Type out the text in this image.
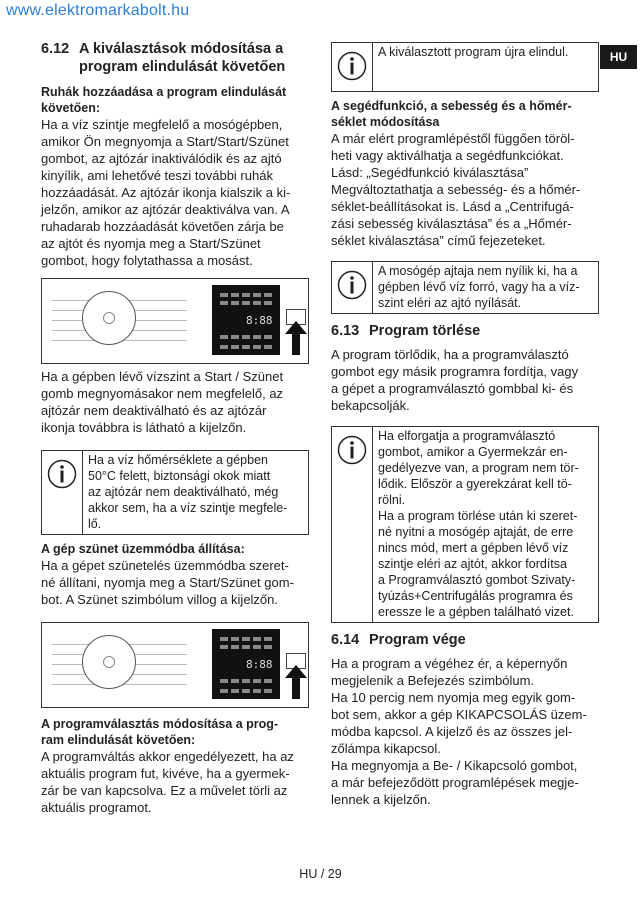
www.elektromarkabolt.hu
HU
6.12 A kiválasztások módosítása a
program elindulását követően
Ruhák hozzáadása a program elindulását
követően:

Ha a víz szintje megfelelő a mosógépben,
amikor Ön megnyomja a Start/Start/Szünet
gombot, az ajtózár inaktiválódik és az ajtó
kinyílik, ami lehetővé teszi további ruhák
hozzáadását. Az ajtózár ikonja kialszik a ki-
jelzőn, amikor az ajtózár deaktiválva van. A
ruhadarab hozzáadását követően zárja be
az ajtót és nyomja meg a Start/Szünet
gombot, hogy folytathassa a mosást.

8:88

Ha a gépben lévő vízszint a Start / Szünet
gomb megnyomásakor nem megfelelő, az
ajtózár nem deaktiválható és az ajtózár
ikonja továbbra is látható a kijelzőn.

Ha a víz hőmérséklete a gépben
50°C felett, biztonsági okok miatt
az ajtózár nem deaktiválható, még
akkor sem, ha a víz szintje megfele-
lő.
A gép szünet üzemmódba állítása:

Ha a gépet szünetelés üzemmódba szeret-
né állítani, nyomja meg a Start/Szünet gom-
bot. A Szünet szimbólum villog a kijelzőn.

8:88
A programválasztás módosítása a prog-
ram elindulását követően:

A programváltás akkor engedélyezett, ha az
aktuális program fut, kivéve, ha a gyermek-
zár be van kapcsolva. Ez a művelet törli az
aktuális programot.

A kiválasztott program újra elindul.
A segédfunkció, a sebesség és a hőmér-
séklet módosítása

A már elért programlépéstől függően töröl-
heti vagy aktiválhatja a segédfunkciókat.
Lásd: „Segédfunkció kiválasztása”
Megváltoztathatja a sebesség- és a hőmér-
séklet-beállításokat is. Lásd a „Centrifugá-
zási sebesség kiválasztása” és a „Hőmér-
séklet kiválasztása” című fejezeteket.

A mosógép ajtaja nem nyílik ki, ha a
gépben lévő víz forró, vagy ha a víz-
szint eléri az ajtó nyílását.
6.13 Program törlése

A program törlődik, ha a programválasztó
gombot egy másik programra fordítja, vagy
a gépet a programválasztó gombbal ki- és
bekapcsolják.

Ha elforgatja a programválasztó
gombot, amikor a Gyermekzár en-
gedélyezve van, a program nem tör-
lődik. Először a gyerekzárat kell tö-
rölni.
Ha a program törlése után ki szeret-
né nyitni a mosógép ajtaját, de erre
nincs mód, mert a gépben lévő víz
szintje eléri az ajtót, akkor fordítsa
a Programválasztó gombot Szivaty-
tyúzás+Centrifugálás programra és
eressze le a gépben található vizet.
6.14 Program vége

Ha a program a végéhez ér, a képernyőn
megjelenik a Befejezés szimbólum.
Ha 10 percig nem nyomja meg egyik gom-
bot sem, akkor a gép KIKAPCSOLÁS üzem-
módba kapcsol. A kijelző és az összes jel-
zőlámpa kikapcsol.
Ha megnyomja a Be- / Kikapcsoló gombot,
a már befejeződött programlépések megje-
lennek a kijelzőn.

HU / 29
